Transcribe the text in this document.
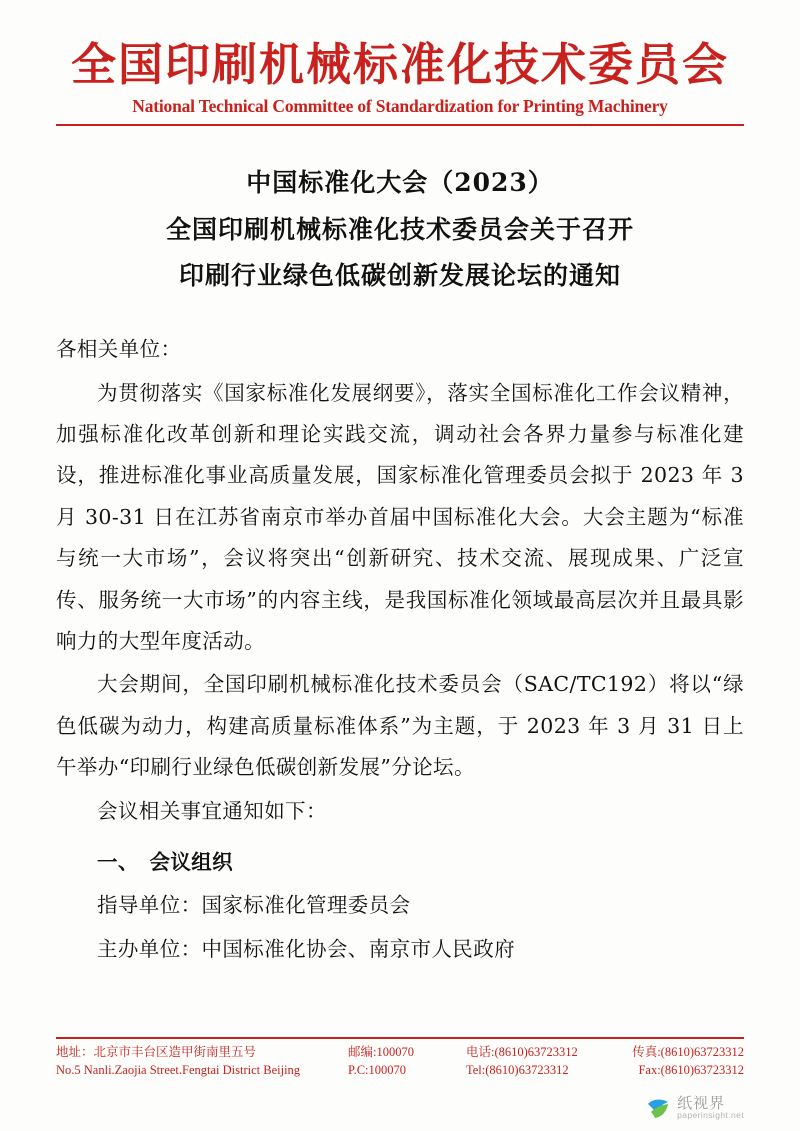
全国印刷机械标准化技术委员会
National Technical Committee of Standardization for Printing Machinery
中国标准化大会（2023）
全国印刷机械标准化技术委员会关于召开
印刷行业绿色低碳创新发展论坛的通知

各相关单位：

为贯彻落实《国家标准化发展纲要》，落实全国标准化工作会议精神，加强标准化改革创新和理论实践交流，调动社会各界力量参与标准化建设，推进标准化事业高质量发展，国家标准化管理委员会拟于 2023 年 3 月 30-31 日在江苏省南京市举办首届中国标准化大会。大会主题为“标准与统一大市场”，会议将突出“创新研究、技术交流、展现成果、广泛宣传、服务统一大市场”的内容主线，是我国标准化领域最高层次并且最具影响力的大型年度活动。

大会期间，全国印刷机械标准化技术委员会（SAC/TC192）将以“绿色低碳为动力，构建高质量标准体系”为主题，于 2023 年 3 月 31 日上午举办“印刷行业绿色低碳创新发展”分论坛。

会议相关事宜通知如下：

一、　会议组织

指导单位：国家标准化管理委员会

主办单位：中国标准化协会、南京市人民政府

地址：北京市丰台区造甲街南里五号
No.5 Nanli.Zaojia Street.Fengtai District Beijing
邮编:100070
P.C:100070
电话:(8610)63723312
Tel:(8610)63723312
传真:(8610)63723312
Fax:(8610)63723312
纸视界
paperinsight.net
